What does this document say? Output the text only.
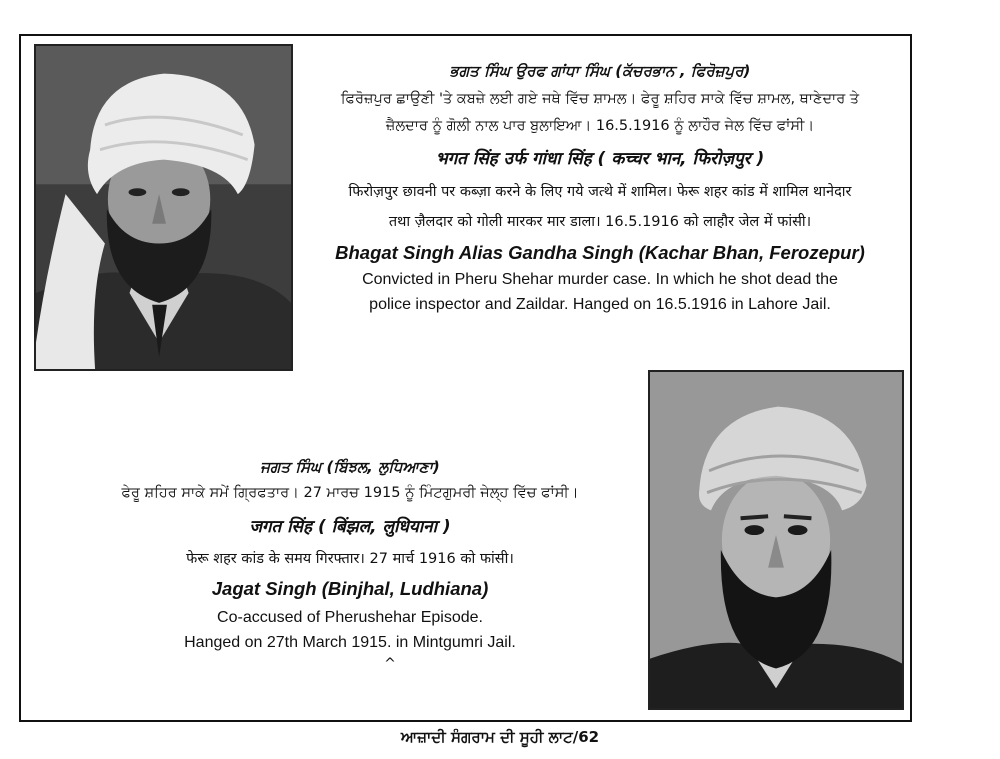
ਭਗਤ ਸਿੰਘ ਉਰਫ ਗਾਂਧਾ ਸਿੰਘ (ਕੱਚਰਭਾਨ , ਫਿਰੋਜ਼ਪੁਰ)
ਫਿਰੋਜ਼ਪੁਰ ਛਾਉਣੀ 'ਤੇ ਕਬਜ਼ੇ ਲਈ ਗਏ ਜਥੇ ਵਿੱਚ ਸ਼ਾਮਲ। ਫੇਰੂ ਸ਼ਹਿਰ ਸਾਕੇ ਵਿੱਚ ਸ਼ਾਮਲ, ਥਾਣੇਦਾਰ ਤੇ
ਜ਼ੈਲਦਾਰ ਨੂੰ ਗੋਲੀ ਨਾਲ ਪਾਰ ਬੁਲਾਇਆ। 16.5.1916 ਨੂੰ ਲਾਹੌਰ ਜੇਲ ਵਿੱਚ ਫਾਂਸੀ।
भगत सिंह उर्फ गांधा सिंह ( कच्चर भान, फिरोज़पुर )
फिरोज़पुर छावनी पर कब्ज़ा करने के लिए गये जत्थे में शामिल। फेरू शहर कांड में शामिल थानेदार
तथा ज़ैलदार को गोली मारकर मार डाला। 16.5.1916 को लाहौर जेल में फांसी।
Bhagat Singh Alias Gandha Singh (Kachar Bhan, Ferozepur)
Convicted in Pheru Shehar murder case. In which he shot dead the
police inspector and Zaildar. Hanged on 16.5.1916 in Lahore Jail.
ਜਗਤ ਸਿੰਘ (ਬਿੰਝਲ, ਲੁਧਿਆਣਾ)
ਫੇਰੂ ਸ਼ਹਿਰ ਸਾਕੇ ਸਮੇਂ ਗ੍ਰਿਫਤਾਰ। 27 ਮਾਰਚ 1915 ਨੂੰ ਮਿੰਟਗੁਮਰੀ ਜੇਲ੍ਹ ਵਿੱਚ ਫਾਂਸੀ।
जगत सिंह ( बिंझल, लुधियाना )
फेरू शहर कांड के समय गिरफ्तार। 27 मार्च 1916 को फांसी।
Jagat Singh (Binjhal, Ludhiana)
Co-accused of Pherushehar Episode.
Hanged on 27th March 1915. in Mintgumri Jail.
^
ਆਜ਼ਾਦੀ ਸੰਗਰਾਮ ਦੀ ਸੂਹੀ ਲਾਟ/62
